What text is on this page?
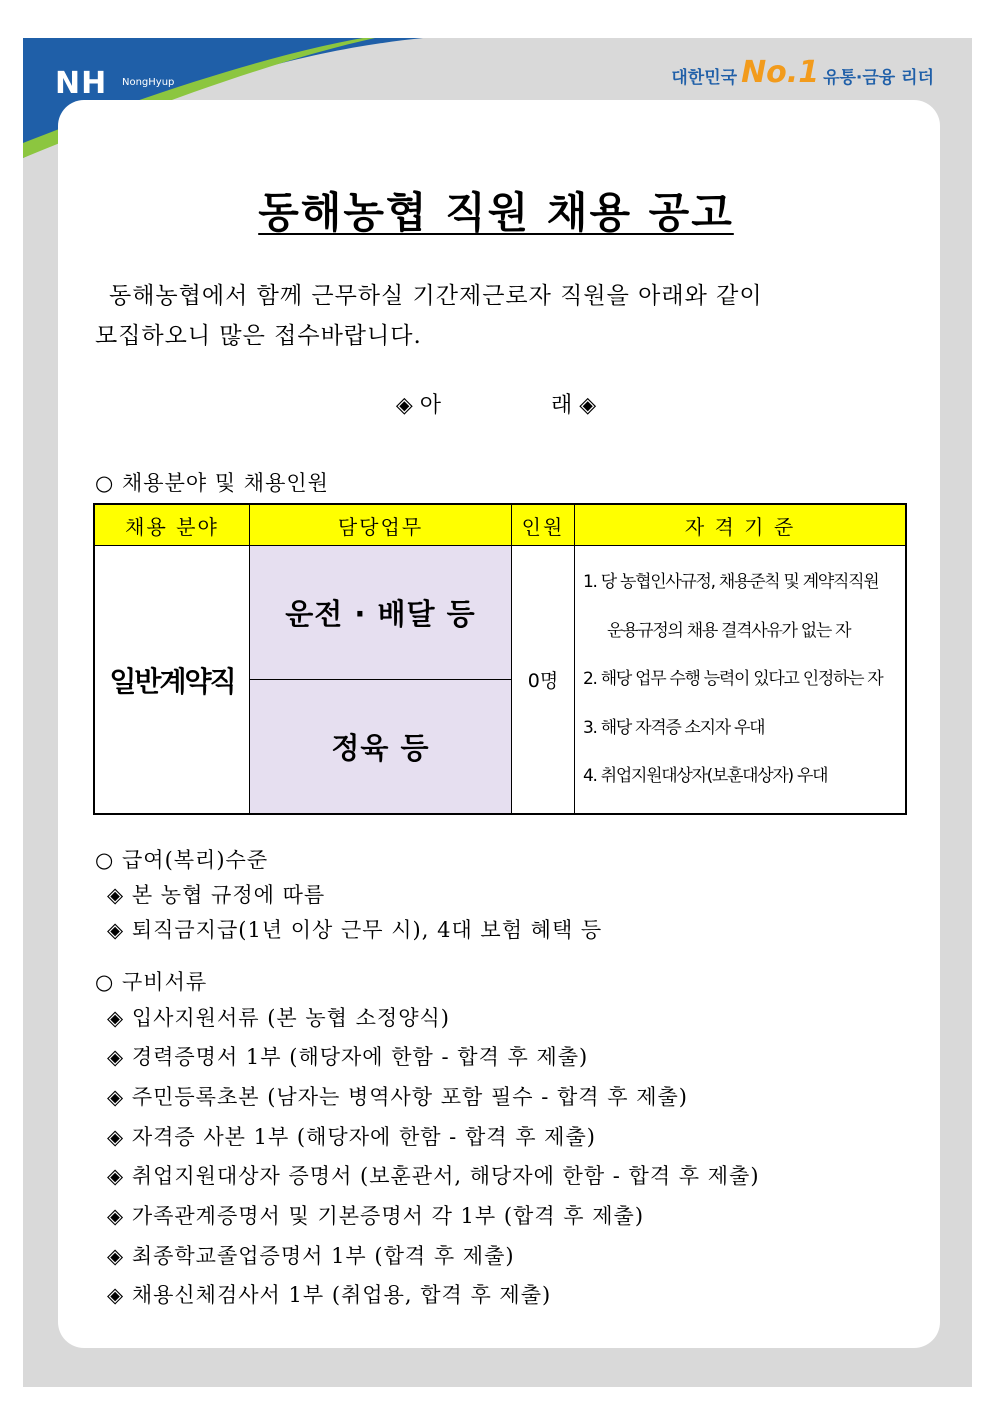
NH NongHyup	대한민국 No.1 유통·금융 리더
동해농협 직원 채용 공고

동해농협에서 함께 근무하실 기간제근로자 직원을 아래와 같이

모집하오니 많은 접수바랍니다.

◈ 아	래 ◈
○ 채용분야 및 채용인원
채용 분야	담당업무	인원	자 격 기 준
일반계약직	운전 · 배달 등	0명	1. 당 농협인사규정, 채용준칙 및 계약직직원
운용규정의 채용 결격사유가 없는 자
2. 해당 업무 수행 능력이 있다고 인정하는 자
3. 해당 자격증 소지자 우대
4. 취업지원대상자(보훈대상자) 우대

	정육 등		
○ 급여(복리)수준
◈ 본 농협 규정에 따름
◈ 퇴직금지급(1년 이상 근무 시), 4대 보험 혜택 등
○ 구비서류
◈ 입사지원서류 (본 농협 소정양식)
◈ 경력증명서 1부 (해당자에 한함 - 합격 후 제출)
◈ 주민등록초본 (남자는 병역사항 포함 필수 - 합격 후 제출)
◈ 자격증 사본 1부 (해당자에 한함 - 합격 후 제출)
◈ 취업지원대상자 증명서 (보훈관서, 해당자에 한함 - 합격 후 제출)
◈ 가족관계증명서 및 기본증명서 각 1부 (합격 후 제출)
◈ 최종학교졸업증명서 1부 (합격 후 제출)
◈ 채용신체검사서 1부 (취업용, 합격 후 제출)
